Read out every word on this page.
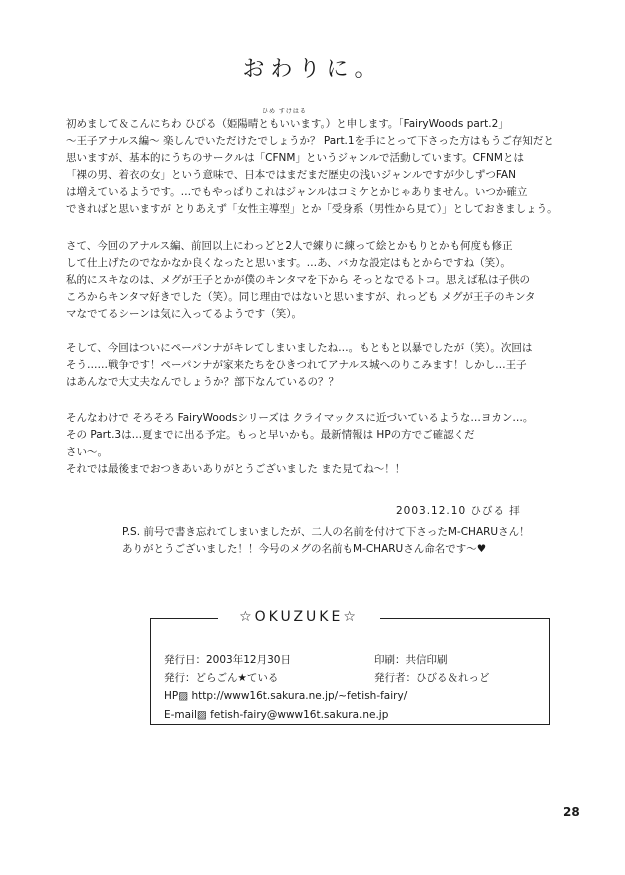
おわりに。
ひめ すけはる
初めまして＆こんにちわ ひびる（姫陽晴ともいいます。）と申します。「FairyWoods part.2」
〜王子アナルス編〜 楽しんでいただけたでしょうか？ Part.1を手にとって下さった方はもうご存知だと
思いますが、基本的にうちのサークルは「CFNM」というジャンルで活動しています。CFNMとは
「裸の男、着衣の女」という意味で、日本ではまだまだ歴史の浅いジャンルですが少しずつFAN
は増えているようです。…でもやっぱりこれはジャンルはコミケとかじゃありません。いつか確立
できればと思いますが とりあえず「女性主導型」とか「受身系（男性から見て）」としておきましょう。
さて、今回のアナルス編、前回以上にわっどと2人で練りに練って絵とかもりとかも何度も修正
して仕上げたのでなかなか良くなったと思います。…あ、バカな設定はもとからですね（笑）。
私的にスキなのは、メグが王子とかが僕のキンタマを下から そっとなでるトコ。思えば私は子供の
ころからキンタマ好きでした（笑）。同じ理由ではないと思いますが、れっども メグが王子のキンタ
マなでてるシーンは気に入ってるようです（笑）。
そして、今回はついにペーパンナがキレてしまいましたね…。もともと以暴でしたが（笑）。次回は
そう……戦争です！ペーパンナが家来たちをひきつれてアナルス城へのりこみます！しかし…王子
はあんなで大丈夫なんでしょうか？部下なんているの？？
そんなわけで そろそろ FairyWoodsシリーズは クライマックスに近づいているような…ヨカン…。
その Part.3は…夏までに出る予定。もっと早いかも。最新情報は HPの方でご確認くだ
さい〜。
それでは最後までおつきあいありがとうございました また見てね〜！！
2003.12.10 ひびる 拝
P.S. 前号で書き忘れてしまいましたが、二人の名前を付けて下さったM-CHARUさん！
ありがとうございました！！今号のメグの名前もM-CHARUさん命名です〜♥
☆OKUZUKE☆
発行日：2003年12月30日	印刷：共信印刷
発行：どらごん★ている	発行者：ひびる＆れっど
HP▨ http://www16t.sakura.ne.jp/~fetish-fairy/
E-mail▨ fetish-fairy@www16t.sakura.ne.jp
28
